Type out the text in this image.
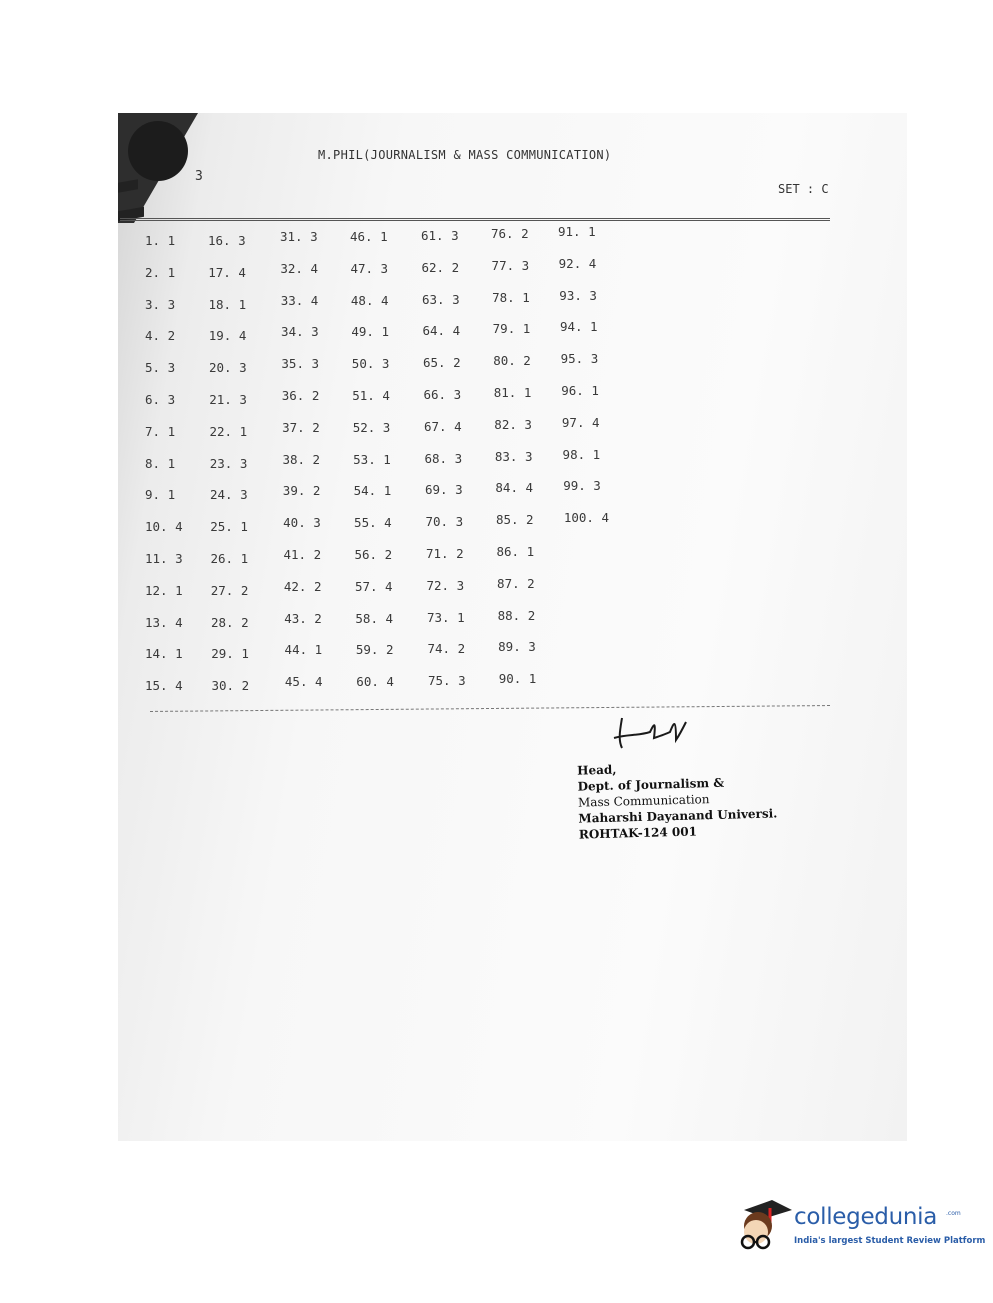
M.PHIL(JOURNALISM & MASS COMMUNICATION)
3
SET : C
1. 1
2. 1
3. 3
4. 2
5. 3
6. 3
7. 1
8. 1
9. 1
10. 4
11. 3
12. 1
13. 4
14. 1
15. 4
16. 3
17. 4
18. 1
19. 4
20. 3
21. 3
22. 1
23. 3
24. 3
25. 1
26. 1
27. 2
28. 2
29. 1
30. 2
31. 3
32. 4
33. 4
34. 3
35. 3
36. 2
37. 2
38. 2
39. 2
40. 3
41. 2
42. 2
43. 2
44. 1
45. 4
46. 1
47. 3
48. 4
49. 1
50. 3
51. 4
52. 3
53. 1
54. 1
55. 4
56. 2
57. 4
58. 4
59. 2
60. 4
61. 3
62. 2
63. 3
64. 4
65. 2
66. 3
67. 4
68. 3
69. 3
70. 3
71. 2
72. 3
73. 1
74. 2
75. 3
76. 2
77. 3
78. 1
79. 1
80. 2
81. 1
82. 3
83. 3
84. 4
85. 2
86. 1
87. 2
88. 2
89. 3
90. 1
91. 1
92. 4
93. 3
94. 1
95. 3
96. 1
97. 4
98. 1
99. 3
100. 4
Head,
Dept. of Journalism &
Mass Communication
Maharshi Dayanand Universi.
ROHTAK-124 001
collegedunia .com
India's largest Student Review Platform
